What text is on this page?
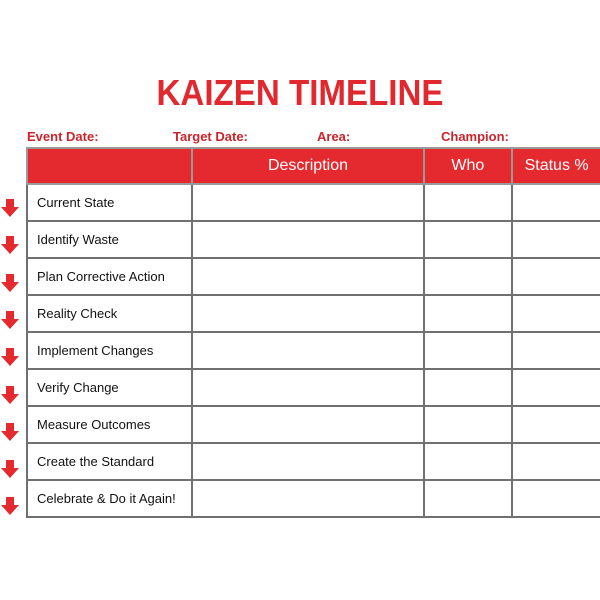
KAIZEN TIMELINE
Event Date:	Target Date:	Area:	Champion:
	Description	Who	Status %
Current State			
Identify Waste			
Plan Corrective Action			
Reality Check			
Implement Changes			
Verify Change			
Measure Outcomes			
Create the Standard			
Celebrate & Do it Again!			
